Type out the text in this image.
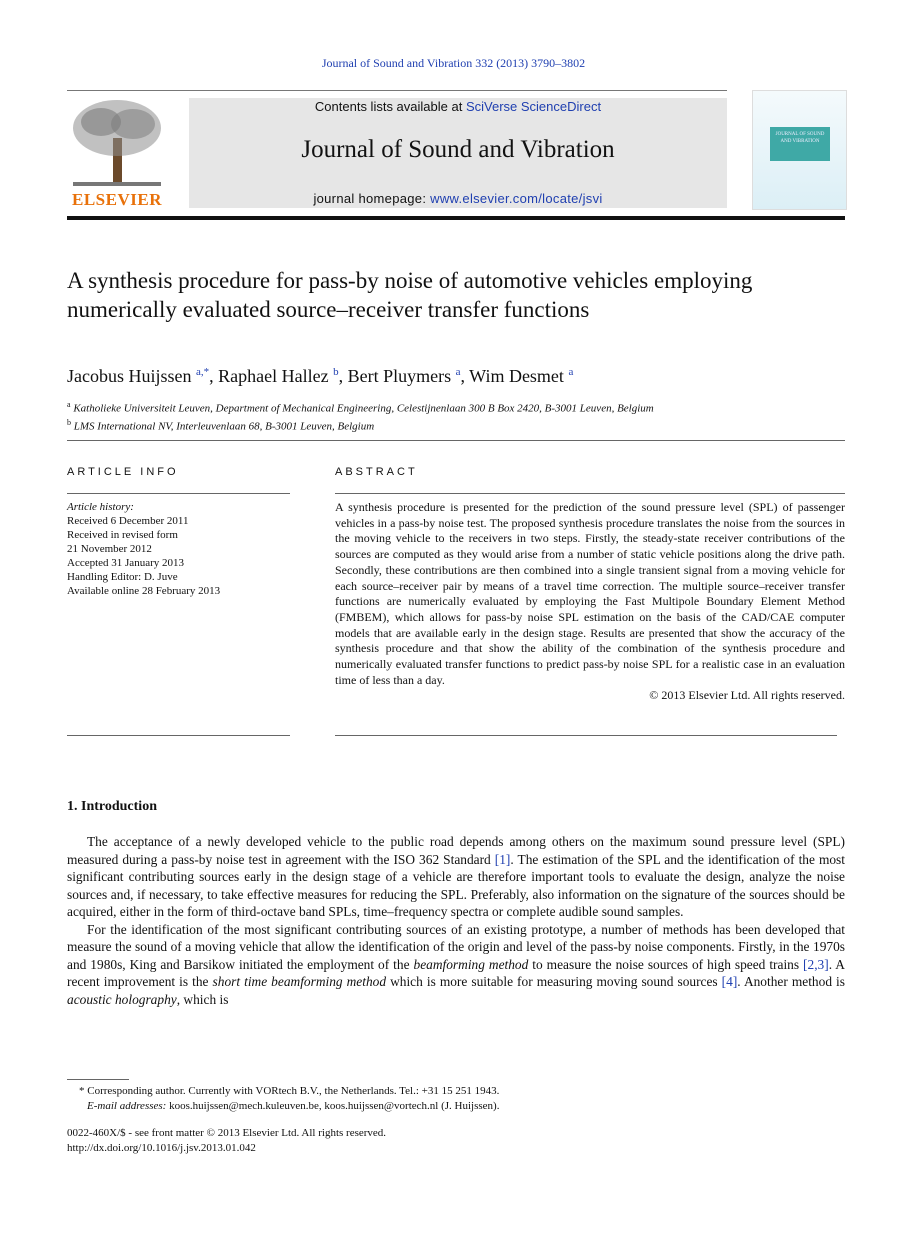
Journal of Sound and Vibration 332 (2013) 3790–3802
ELSEVIER
Contents lists available at SciVerse ScienceDirect
Journal of Sound and Vibration
journal homepage: www.elsevier.com/locate/jsvi
JOURNAL OF SOUND AND VIBRATION
A synthesis procedure for pass-by noise of automotive vehicles employing numerically evaluated source–receiver transfer functions
Jacobus Huijssen $^{a,*}$, Raphael Hallez $^b$, Bert Pluymers $^a$, Wim Desmet $^a$
$^a$ Katholieke Universiteit Leuven, Department of Mechanical Engineering, Celestijnenlaan 300 B Box 2420, B-3001 Leuven, Belgium
$^b$ LMS International NV, Interleuvenlaan 68, B-3001 Leuven, Belgium
ARTICLE INFO
Article history:
Received 6 December 2011
Received in revised form
21 November 2012
Accepted 31 January 2013
Handling Editor: D. Juve
Available online 28 February 2013
ABSTRACT
A synthesis procedure is presented for the prediction of the sound pressure level (SPL) of passenger vehicles in a pass-by noise test. The proposed synthesis procedure translates the noise from the sources in the moving vehicle to the receivers in two steps. Firstly, the steady-state receiver contributions of the sources are computed as they would arise from a number of static vehicle positions along the drive path. Secondly, these contributions are then combined into a single transient signal from a moving vehicle for each source–receiver pair by means of a travel time correction. The multiple source–receiver transfer functions are numerically evaluated by employing the Fast Multipole Boundary Element Method (FMBEM), which allows for pass-by noise SPL estimation on the basis of the CAD/CAE computer models that are available early in the design stage. Results are presented that show the accuracy of the synthesis procedure and that show the ability of the combination of the synthesis procedure and numerically evaluated transfer functions to predict pass-by noise SPL for a realistic case in an evaluation time of less than a day.
© 2013 Elsevier Ltd. All rights reserved.
1. Introduction

The acceptance of a newly developed vehicle to the public road depends among others on the maximum sound pressure level (SPL) measured during a pass-by noise test in agreement with the ISO 362 Standard [1]. The estimation of the SPL and the identification of the most significant contributing sources early in the design stage of a vehicle are therefore important tools to evaluate the design, analyze the noise sources and, if necessary, to take effective measures for reducing the SPL. Preferably, also information on the signature of the sources should be acquired, either in the form of third-octave band SPLs, time–frequency spectra or complete audible sound samples.

For the identification of the most significant contributing sources of an existing prototype, a number of methods has been developed that measure the sound of a moving vehicle that allow the identification of the origin and level of the pass-by noise components. Firstly, in the 1970s and 1980s, King and Barsikow initiated the employment of the beamforming method to measure the noise sources of high speed trains [2,3]. A recent improvement is the short time beamforming method which is more suitable for measuring moving sound sources [4]. Another method is acoustic holography, which is

* Corresponding author. Currently with VORtech B.V., the Netherlands. Tel.: +31 15 251 1943.
E-mail addresses: koos.huijssen@mech.kuleuven.be, koos.huijssen@vortech.nl (J. Huijssen).
0022-460X/$ - see front matter © 2013 Elsevier Ltd. All rights reserved.
http://dx.doi.org/10.1016/j.jsv.2013.01.042
